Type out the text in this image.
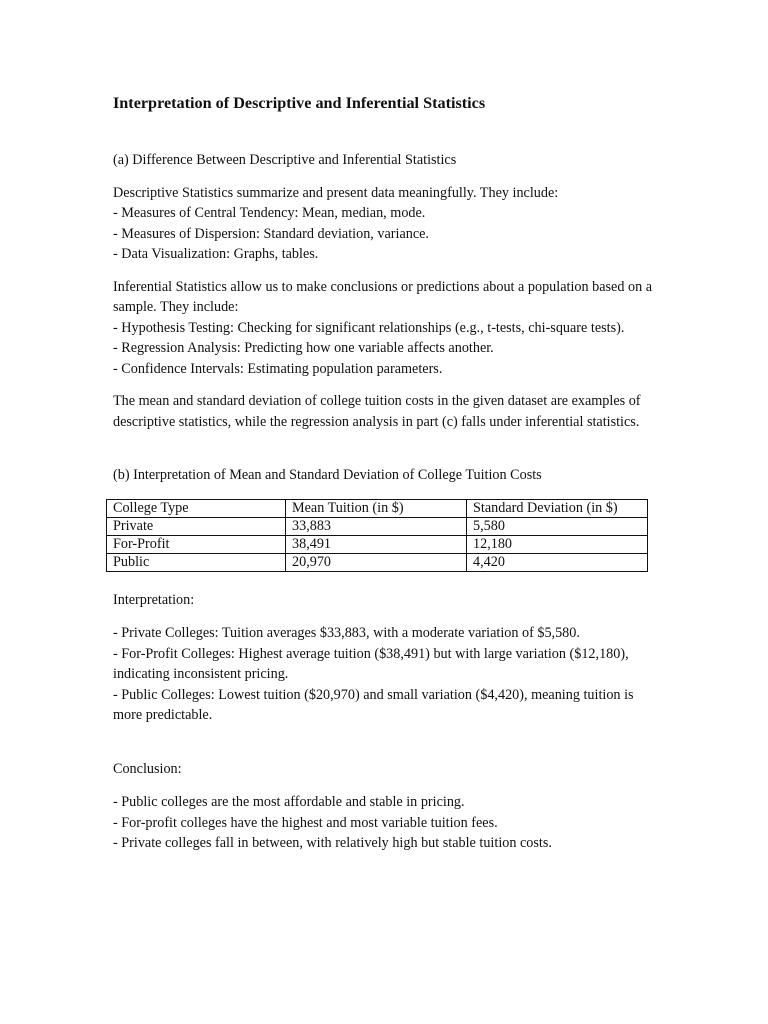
Interpretation of Descriptive and Inferential Statistics

(a) Difference Between Descriptive and Inferential Statistics

Descriptive Statistics summarize and present data meaningfully. They include:
- Measures of Central Tendency: Mean, median, mode.
- Measures of Dispersion: Standard deviation, variance.
- Data Visualization: Graphs, tables.
Inferential Statistics allow us to make conclusions or predictions about a population based on a sample. They include:
- Hypothesis Testing: Checking for significant relationships (e.g., t-tests, chi-square tests).
- Regression Analysis: Predicting how one variable affects another.
- Confidence Intervals: Estimating population parameters.

The mean and standard deviation of college tuition costs in the given dataset are examples of descriptive statistics, while the regression analysis in part (c) falls under inferential statistics.

(b) Interpretation of Mean and Standard Deviation of College Tuition Costs

College Type	Mean Tuition (in $)	Standard Deviation (in $)
Private	33,883	5,580
For-Profit	38,491	12,180
Public	20,970	4,420

Interpretation:

- Private Colleges: Tuition averages $33,883, with a moderate variation of $5,580.
- For-Profit Colleges: Highest average tuition ($38,491) but with large variation ($12,180), indicating inconsistent pricing.
- Public Colleges: Lowest tuition ($20,970) and small variation ($4,420), meaning tuition is more predictable.

Conclusion:

- Public colleges are the most affordable and stable in pricing.
- For-profit colleges have the highest and most variable tuition fees.
- Private colleges fall in between, with relatively high but stable tuition costs.
